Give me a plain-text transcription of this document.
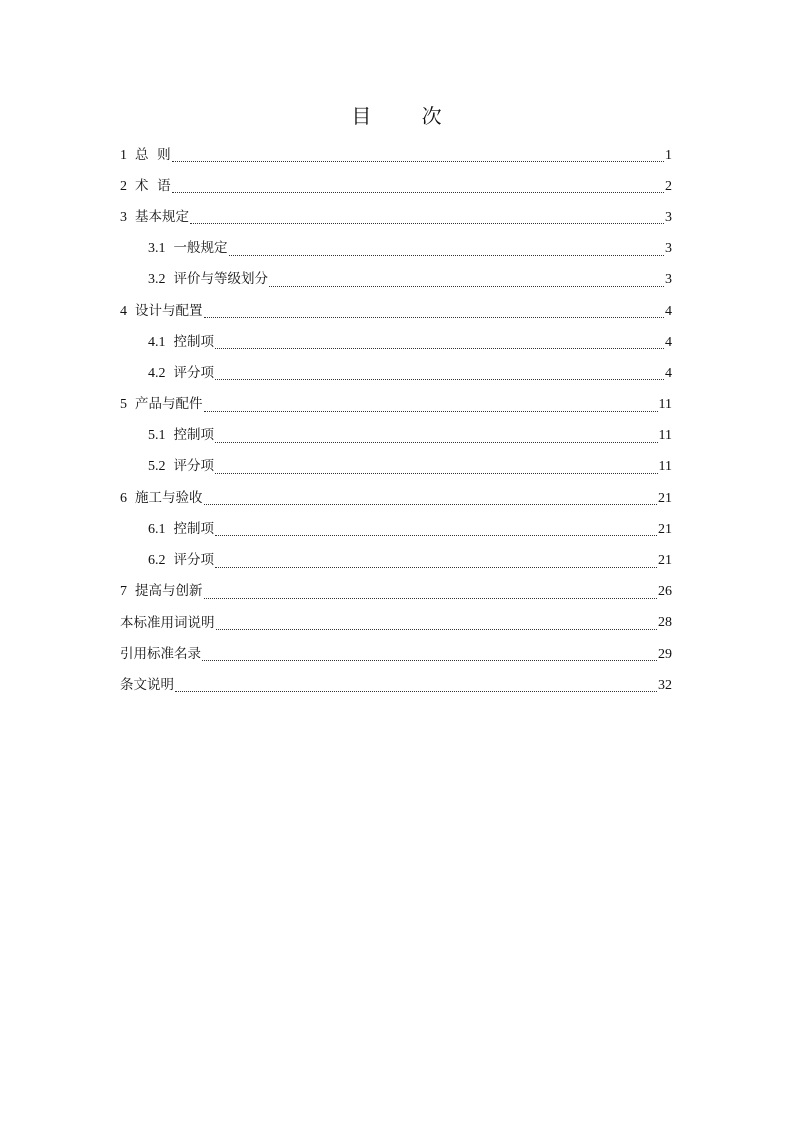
目 次
1 总  则	1
2 术  语	2
3 基本规定	3
3.1 一般规定	3
3.2 评价与等级划分	3
4 设计与配置	4
4.1 控制项	4
4.2 评分项	4
5 产品与配件	11
5.1 控制项	11
5.2 评分项	11
6 施工与验收	21
6.1 控制项	21
6.2 评分项	21
7 提高与创新	26
本标准用词说明	28
引用标准名录	29
条文说明	32
